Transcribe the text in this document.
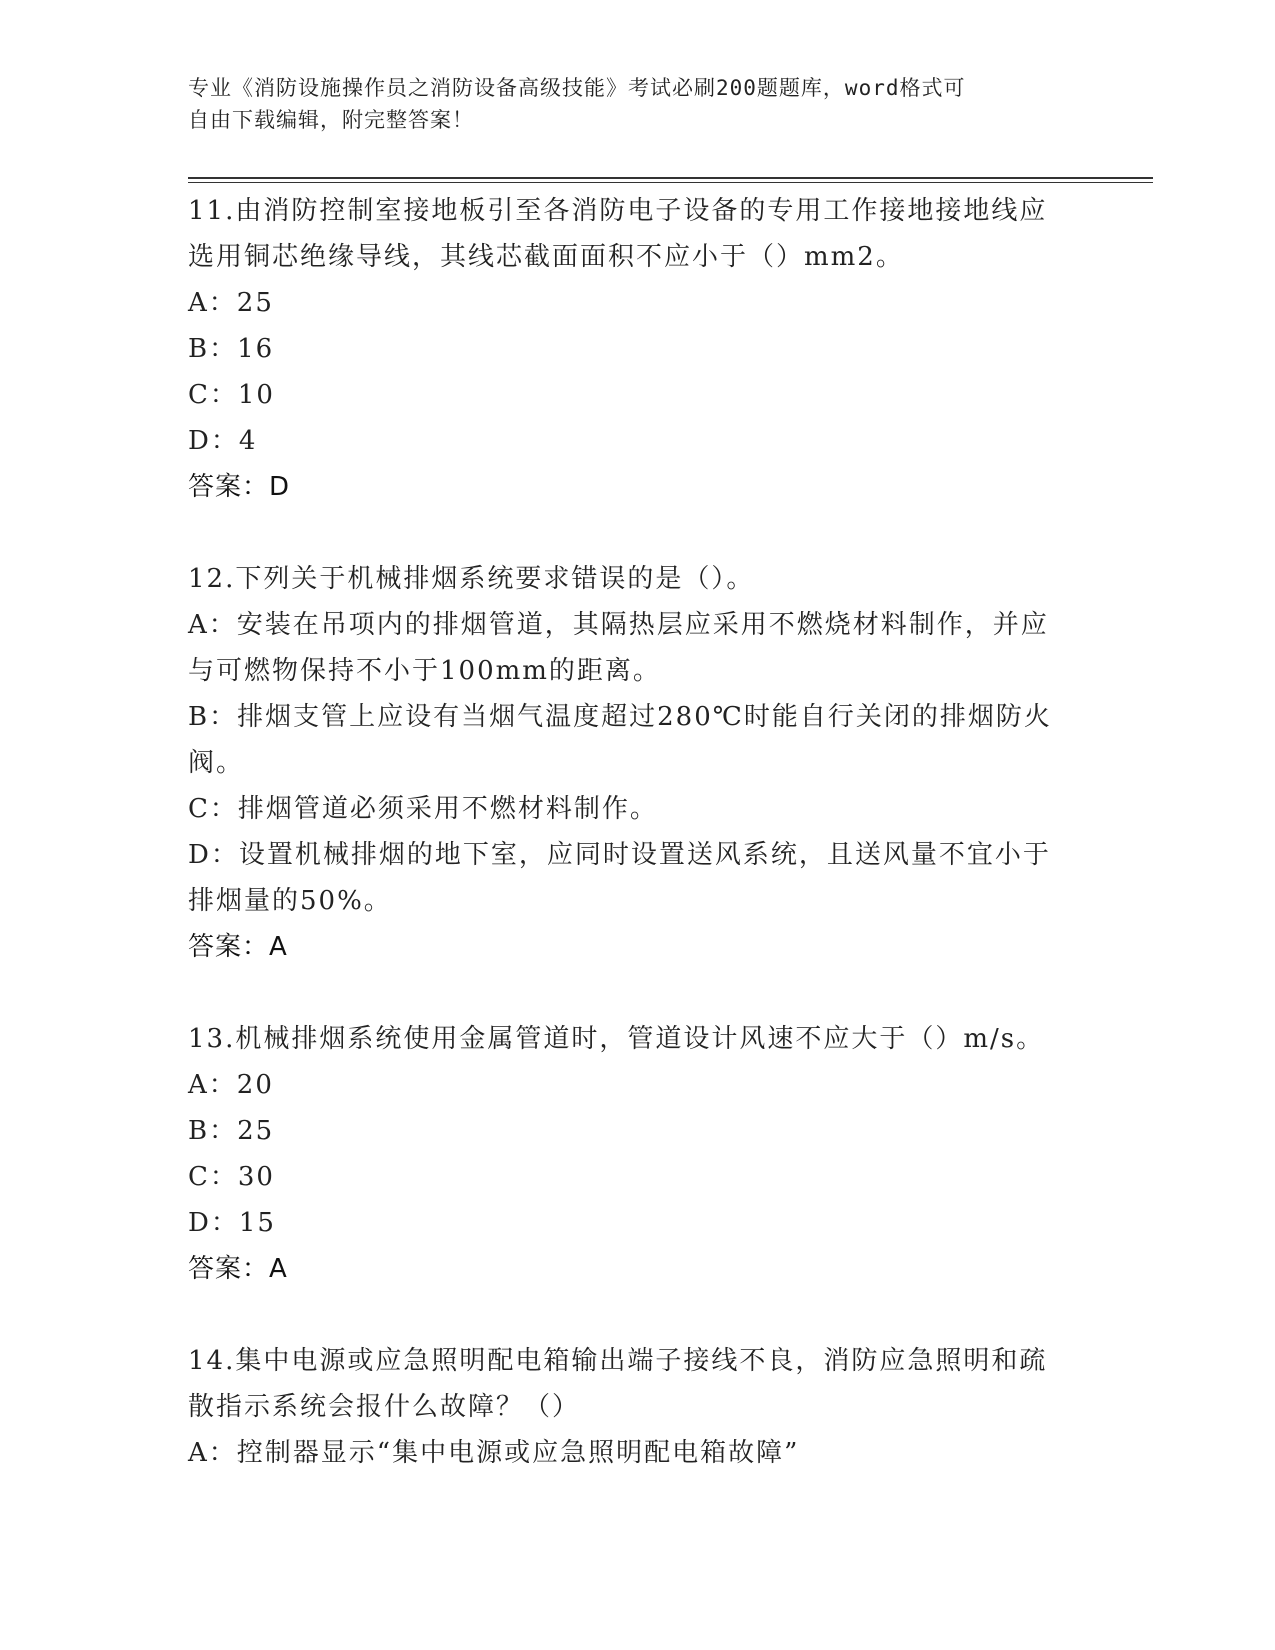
专业《消防设施操作员之消防设备高级技能》考试必刷200题题库，word格式可
自由下载编辑，附完整答案！
11.由消防控制室接地板引至各消防电子设备的专用工作接地接地线应
选用铜芯绝缘导线，其线芯截面面积不应小于（）mm2。
A：25
B：16
C：10
D：4
答案：D
12.下列关于机械排烟系统要求错误的是（）。
A：安装在吊项内的排烟管道，其隔热层应采用不燃烧材料制作，并应
与可燃物保持不小于100mm的距离。
B：排烟支管上应设有当烟气温度超过280℃时能自行关闭的排烟防火
阀。
C：排烟管道必须采用不燃材料制作。
D：设置机械排烟的地下室，应同时设置送风系统，且送风量不宜小于
排烟量的50%。
答案：A
13.机械排烟系统使用金属管道时，管道设计风速不应大于（）m/s。
A：20
B：25
C：30
D：15
答案：A
14.集中电源或应急照明配电箱输出端子接线不良，消防应急照明和疏
散指示系统会报什么故障？（）
A：控制器显示“集中电源或应急照明配电箱故障”
